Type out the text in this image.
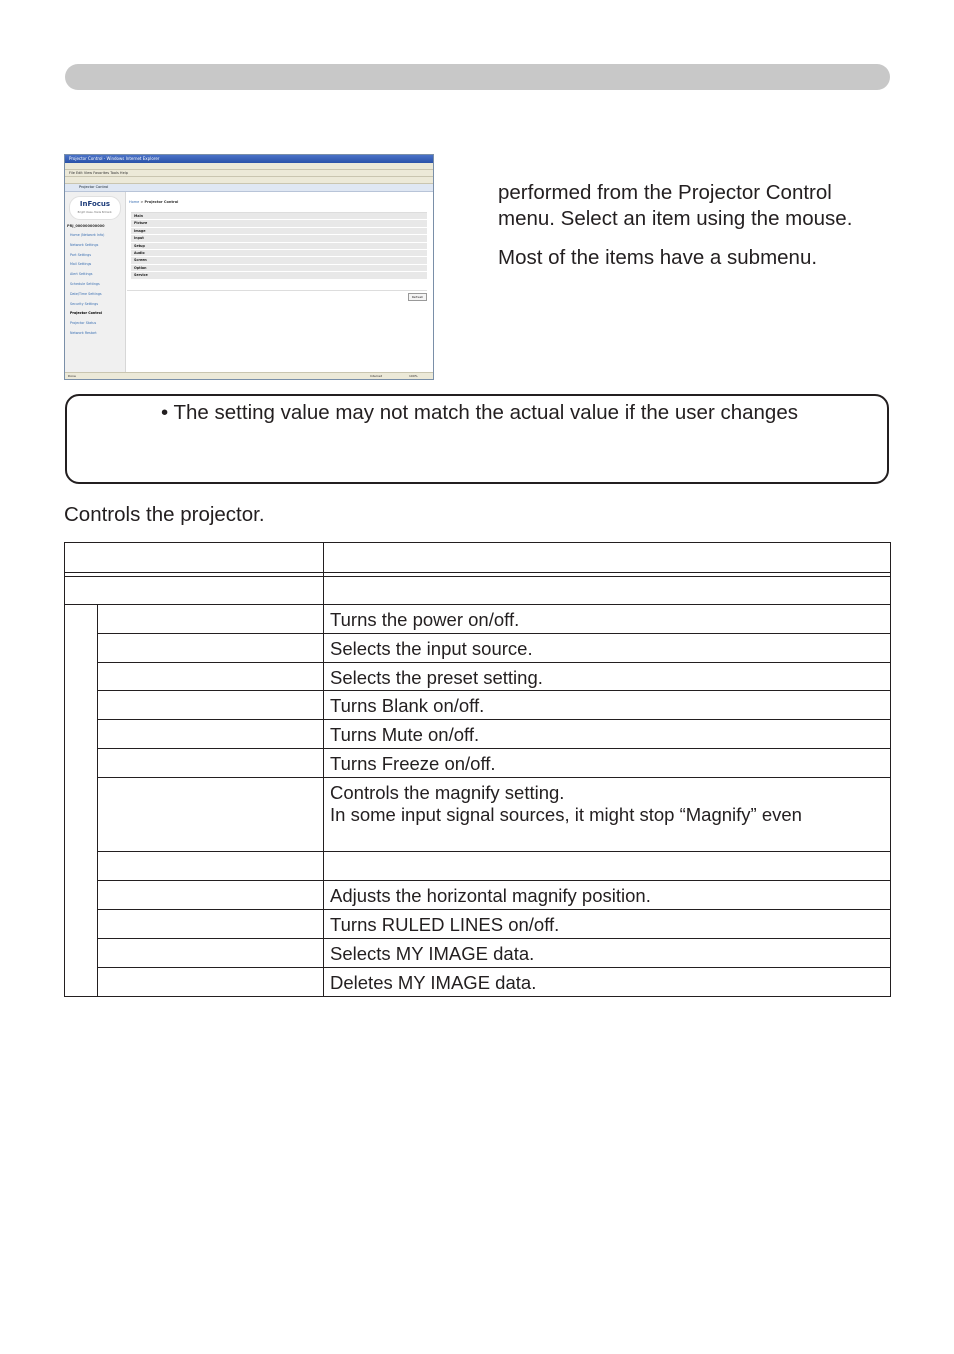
Projector Control - Windows Internet Explorer
File Edit View Favorites Tools Help
Projector Control
InFocus
Bright Ideas. Made Brilliant.
PRJ_000000000000
Home (Network Info)
Network Settings
Port Settings
Mail Settings
Alert Settings
Schedule Settings
Date/Time Settings
Security Settings
Projector Control
Projector Status
Network Restart
Home > Projector Control
Main
Picture
Image
Input
Setup
Audio
Screen
Option
Service
Refresh
Done	Internet	100%

performed from the Projector Control
menu. Select an item using the mouse.

Most of the items have a submenu.

• The setting value may not match the actual value if the user changes
Controls the projector.
Turns the power on/off.
Selects the input source.
Selects the preset setting.
Turns Blank on/off.
Turns Mute on/off.
Turns Freeze on/off.
Controls the magnify setting.
In some input signal sources, it might stop “Magnify” even
Adjusts the horizontal magnify position.
Turns RULED LINES on/off.
Selects MY IMAGE data.
Deletes MY IMAGE data.
